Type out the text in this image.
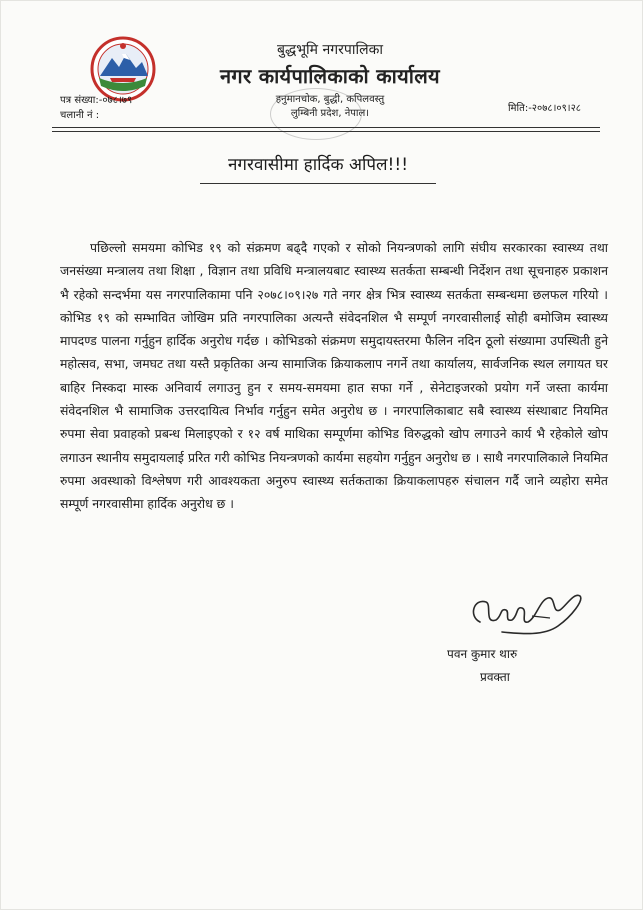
बुद्धभूमि नगरपालिका
नगर कार्यपालिकाको कार्यालय
हनुमानचोक, बुद्धी, कपिलवस्तु
लुम्बिनी प्रदेश, नेपाल।
पत्र संख्या:-०७८।७९
चलानी नं :
मिति:-२०७८।०९।२८
नगरवासीमा हार्दिक अपिल!!!

पछिल्लो समयमा कोभिड १९ को संक्रमण बढ्दै गएको र सोको नियन्त्रणको लागि संघीय सरकारका स्वास्थ्य तथा जनसंख्या मन्त्रालय तथा शिक्षा , विज्ञान तथा प्रविधि मन्त्रालयबाट स्वास्थ्य सतर्कता सम्बन्धी निर्देशन तथा सूचनाहरु प्रकाशन भै रहेको सन्दर्भमा यस नगरपालिकामा पनि २०७८।०९।२७ गते नगर क्षेत्र भित्र स्वास्थ्य सतर्कता सम्बन्धमा छलफल गरियो । कोभिड १९ को सम्भावित जोखिम प्रति नगरपालिका अत्यन्तै संवेदनशिल भै सम्पूर्ण नगरवासीलाई सोही बमोजिम स्वास्थ्य मापदण्ड पालना गर्नुहुन हार्दिक अनुरोध गर्दछ । कोभिडको संक्रमण समुदायस्तरमा फैलिन नदिन ठूलो संख्यामा उपस्थिती हुने महोत्सव, सभा, जमघट तथा यस्तै प्रकृतिका अन्य सामाजिक क्रियाकलाप नगर्ने तथा कार्यालय, सार्वजनिक स्थल लगायत घर बाहिर निस्कदा मास्क अनिवार्य लगाउनु हुन र समय-समयमा हात सफा गर्ने , सेनेटाइजरको प्रयोग गर्ने जस्ता कार्यमा संवेदनशिल भै सामाजिक उत्तरदायित्व निर्भाव गर्नुहुन समेत अनुरोध छ । नगरपालिकाबाट सबै स्वास्थ्य संस्थाबाट नियमित रुपमा सेवा प्रवाहको प्रबन्ध मिलाइएको र १२ वर्ष माथिका सम्पूर्णमा कोभिड विरुद्धको खोप लगाउने कार्य भै रहेकोले खोप लगाउन स्थानीय समुदायलाई प्ररित गरी कोभिड नियन्त्रणको कार्यमा सहयोग गर्नुहुन अनुरोध छ । साथै नगरपालिकाले नियमित रुपमा अवस्थाको विश्लेषण गरी आवश्यकता अनुरुप स्वास्थ्य सर्तकताका क्रियाकलापहरु संचालन गर्दै जाने व्यहोरा समेत सम्पूर्ण नगरवासीमा हार्दिक अनुरोध छ ।

पवन कुमार थारु
प्रवक्ता
